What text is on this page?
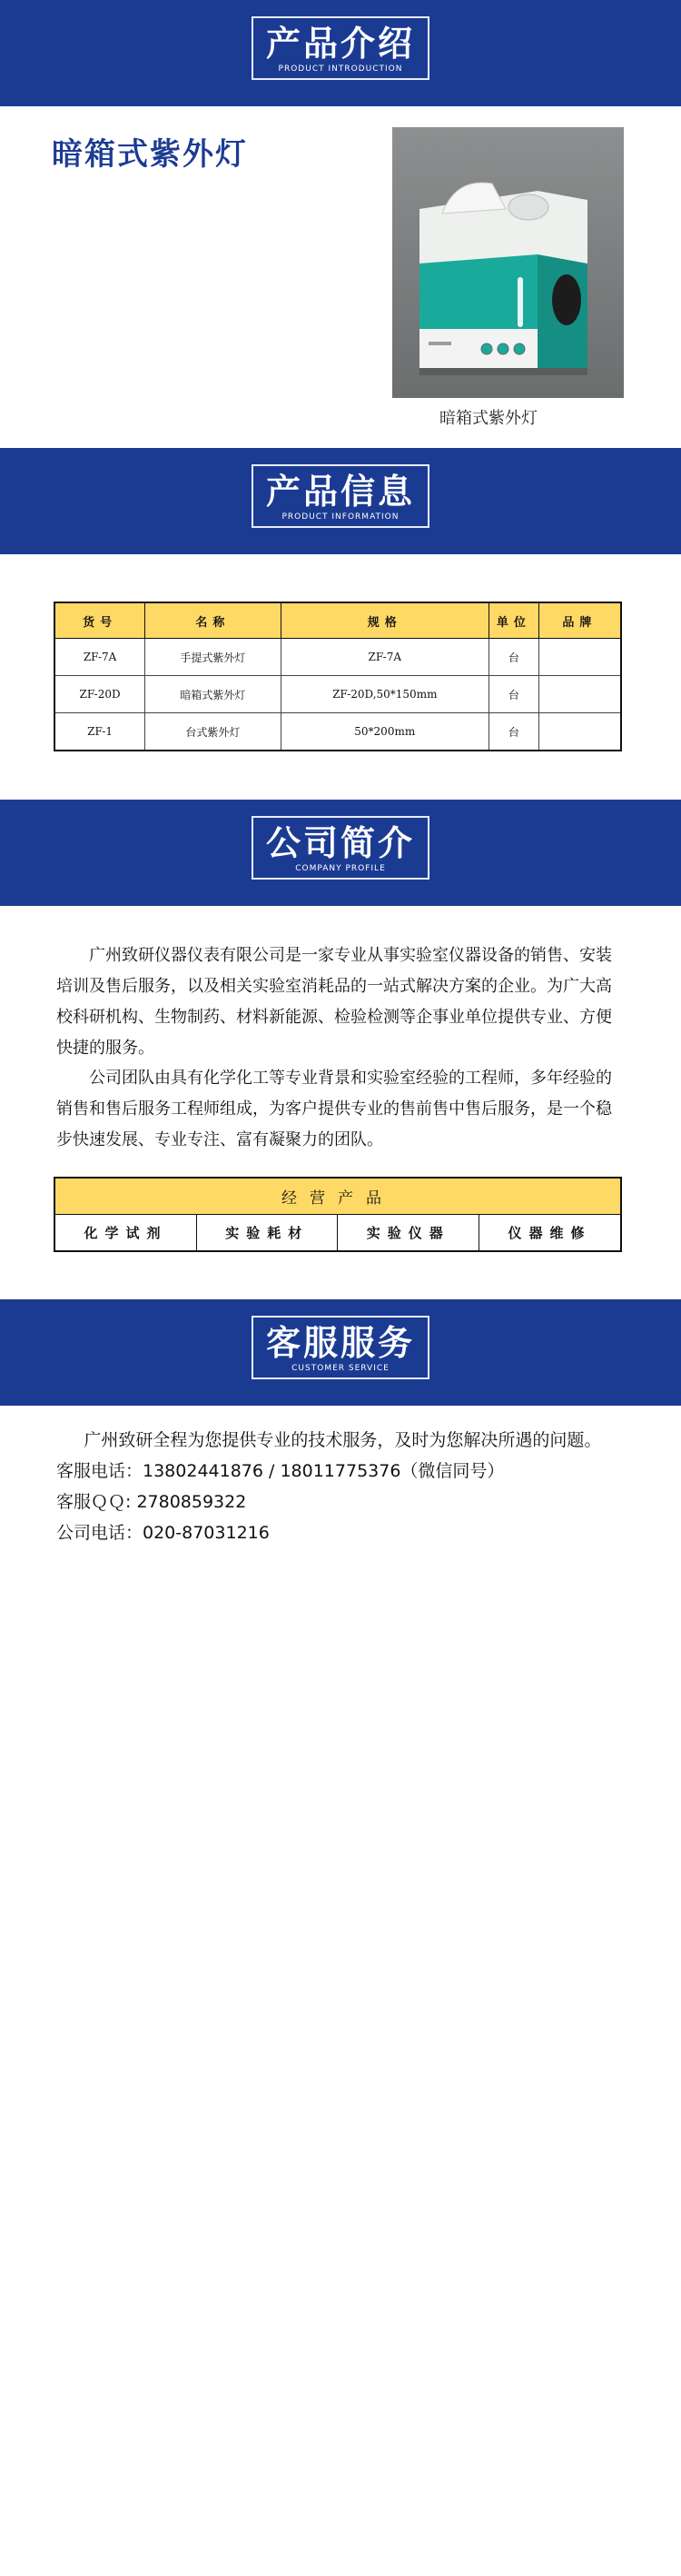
产品介绍
PRODUCT INTRODUCTION
暗箱式紫外灯
暗箱式紫外灯
产品信息
PRODUCT INFORMATION
货号	名称	规格	单位	品牌
ZF-7A	手提式紫外灯	ZF-7A	台	
ZF-20D	暗箱式紫外灯	ZF-20D,50*150mm	台	
ZF-1	台式紫外灯	50*200mm	台	
公司简介
COMPANY PROFILE
广州致研仪器仪表有限公司是一家专业从事实验室仪器设备的销售、安装培训及售后服务，以及相关实验室消耗品的一站式解决方案的企业。为广大高校科研机构、生物制药、材料新能源、检验检测等企事业单位提供专业、方便快捷的服务。
公司团队由具有化学化工等专业背景和实验室经验的工程师，多年经验的销售和售后服务工程师组成，为客户提供专业的售前售中售后服务，是一个稳步快速发展、专业专注、富有凝聚力的团队。
经营产品
化学试剂	实验耗材	实验仪器	仪器维修
客服服务
CUSTOMER SERVICE
广州致研全程为您提供专业的技术服务，及时为您解决所遇的问题。
客服电话：13802441876 / 18011775376（微信同号）
客服ＱＱ: 2780859322
公司电话：020-87031216
